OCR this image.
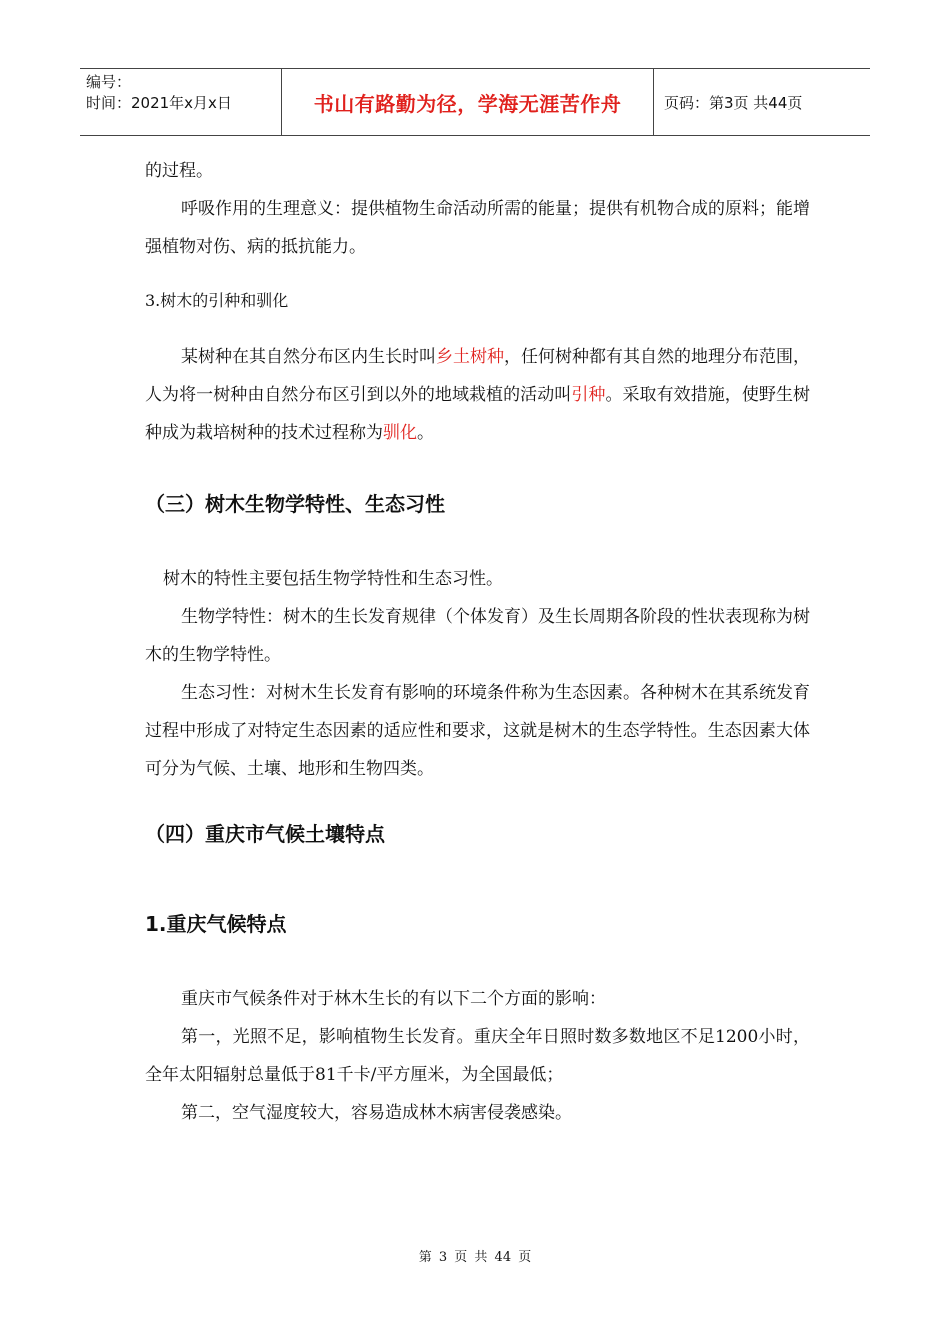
编号：
时间：2021年x月x日	书山有路勤为径，学海无涯苦作舟	页码：第3页 共44页

的过程。

呼吸作用的生理意义：提供植物生命活动所需的能量；提供有机物合成的原料；能增强植物对伤、病的抵抗能力。

3.树木的引种和驯化

某树种在其自然分布区内生长时叫乡土树种，任何树种都有其自然的地理分布范围，人为将一树种由自然分布区引到以外的地域栽植的活动叫引种。采取有效措施，使野生树种成为栽培树种的技术过程称为驯化。

（三）树木生物学特性、生态习性

树木的特性主要包括生物学特性和生态习性。

生物学特性：树木的生长发育规律（个体发育）及生长周期各阶段的性状表现称为树木的生物学特性。

生态习性：对树木生长发育有影响的环境条件称为生态因素。各种树木在其系统发育过程中形成了对特定生态因素的适应性和要求，这就是树木的生态学特性。生态因素大体可分为气候、土壤、地形和生物四类。

（四）重庆市气候土壤特点
1.重庆气候特点

重庆市气候条件对于林木生长的有以下二个方面的影响：

第一，光照不足，影响植物生长发育。重庆全年日照时数多数地区不足1200小时，全年太阳辐射总量低于81千卡/平方厘米，为全国最低；

第二，空气湿度较大，容易造成林木病害侵袭感染。

第 3 页 共 44 页
